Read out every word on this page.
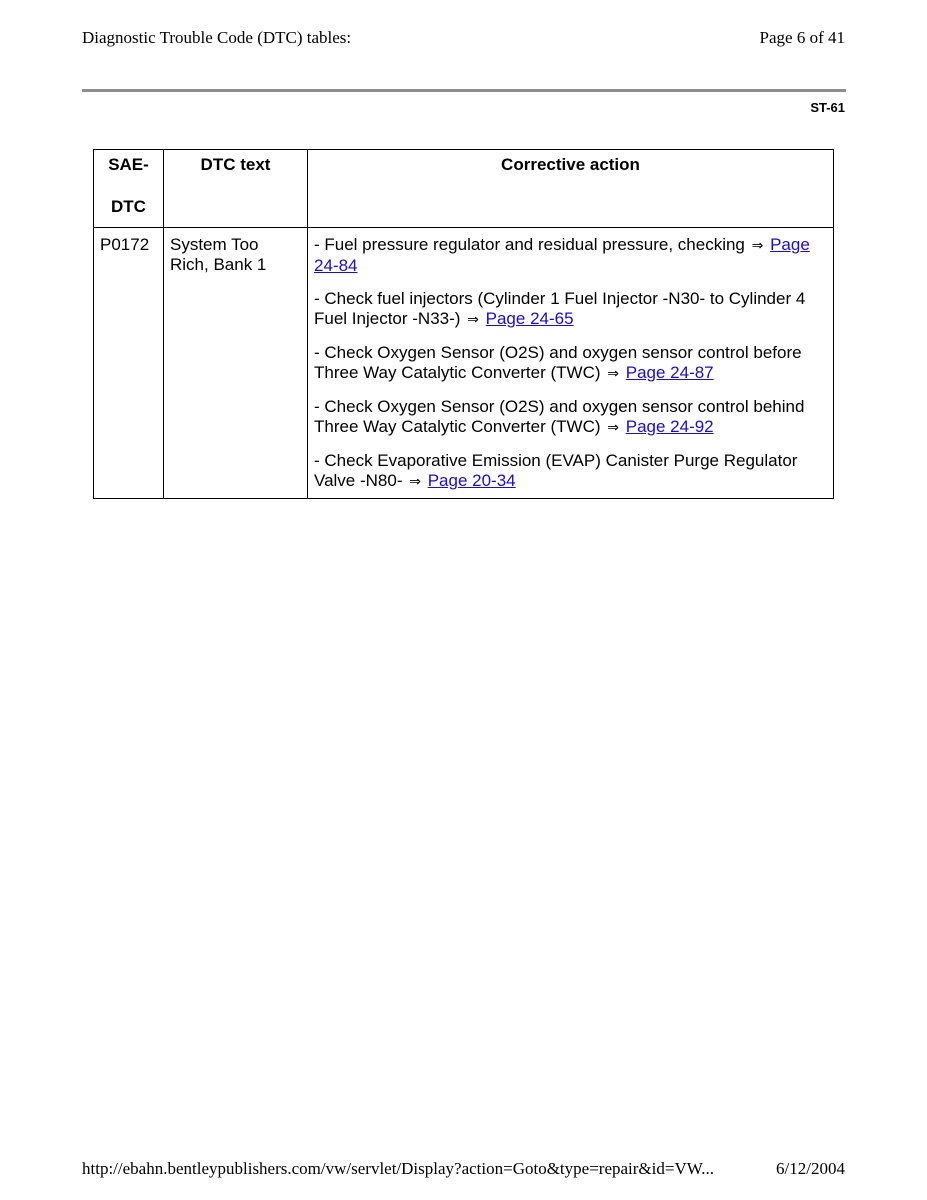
Diagnostic Trouble Code (DTC) tables:	Page 6 of 41
ST-61
SAE-
DTC	DTC text	Corrective action
P0172	System Too Rich, Bank 1	- Fuel pressure regulator and residual pressure, checking ⇒ Page 24-84
- Check fuel injectors (Cylinder 1 Fuel Injector -N30- to Cylinder 4 Fuel Injector -N33-) ⇒ Page 24-65
- Check Oxygen Sensor (O2S) and oxygen sensor control before Three Way Catalytic Converter (TWC) ⇒ Page 24-87
- Check Oxygen Sensor (O2S) and oxygen sensor control behind Three Way Catalytic Converter (TWC) ⇒ Page 24-92
- Check Evaporative Emission (EVAP) Canister Purge Regulator Valve -N80- ⇒ Page 20-34
http://ebahn.bentleypublishers.com/vw/servlet/Display?action=Goto&type=repair&id=VW...	6/12/2004
